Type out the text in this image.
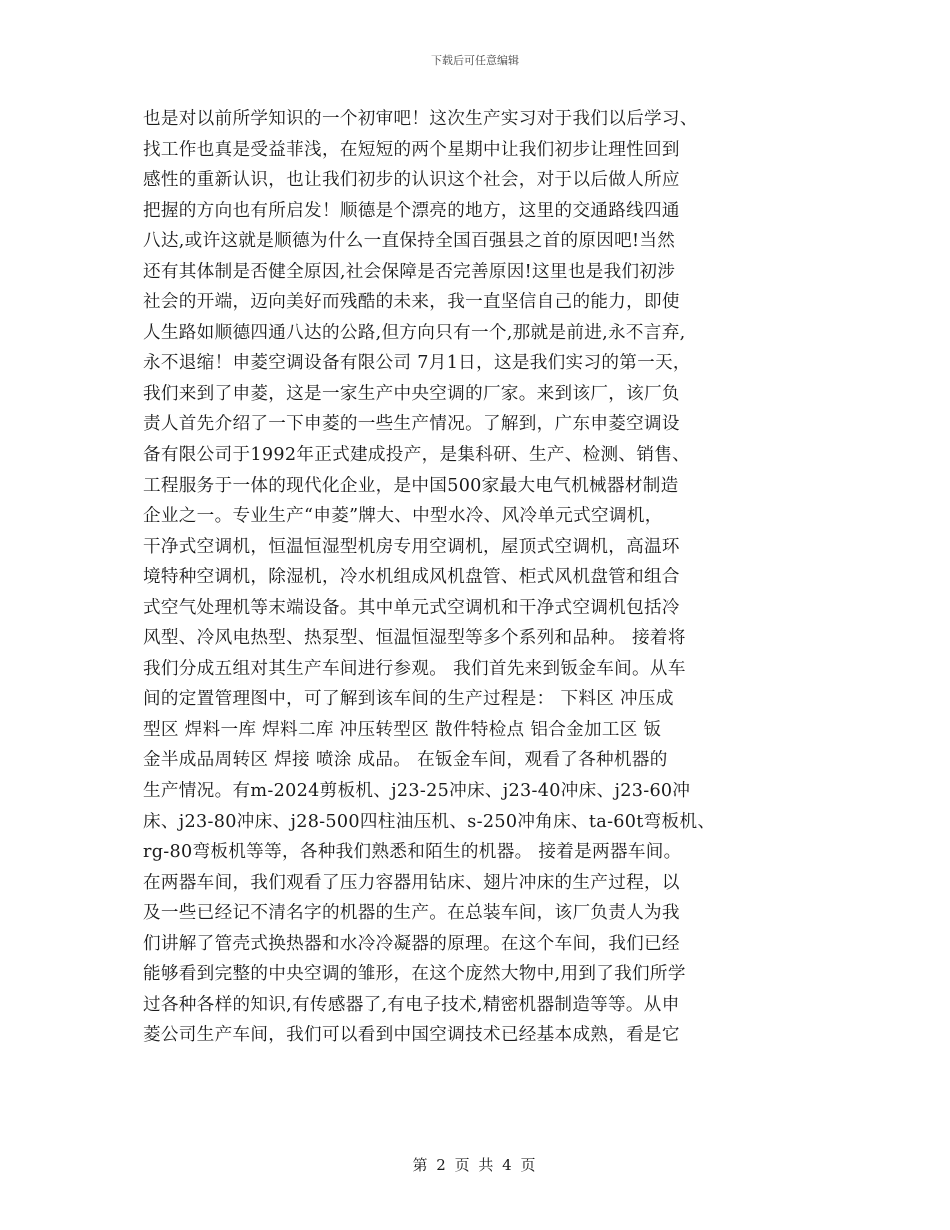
下载后可任意编辑
也是对以前所学知识的一个初审吧！这次生产实习对于我们以后学习、
找工作也真是受益菲浅，在短短的两个星期中让我们初步让理性回到
感性的重新认识，也让我们初步的认识这个社会，对于以后做人所应
把握的方向也有所启发！顺德是个漂亮的地方，这里的交通路线四通
八达,或许这就是顺德为什么一直保持全国百强县之首的原因吧!当然
还有其体制是否健全原因,社会保障是否完善原因!这里也是我们初涉
社会的开端，迈向美好而残酷的未来，我一直坚信自己的能力，即使
人生路如顺德四通八达的公路,但方向只有一个,那就是前进,永不言弃,
永不退缩！申菱空调设备有限公司 7月1日，这是我们实习的第一天，
我们来到了申菱，这是一家生产中央空调的厂家。来到该厂，该厂负
责人首先介绍了一下申菱的一些生产情况。了解到，广东申菱空调设
备有限公司于1992年正式建成投产，是集科研、生产、检测、销售、
工程服务于一体的现代化企业，是中国500家最大电气机械器材制造
企业之一。专业生产“申菱”牌大、中型水冷、风冷单元式空调机，
干净式空调机，恒温恒湿型机房专用空调机，屋顶式空调机，高温环
境特种空调机，除湿机，冷水机组成风机盘管、柜式风机盘管和组合
式空气处理机等末端设备。其中单元式空调机和干净式空调机包括冷
风型、冷风电热型、热泵型、恒温恒湿型等多个系列和品种。 接着将
我们分成五组对其生产车间进行参观。 我们首先来到钣金车间。从车
间的定置管理图中，可了解到该车间的生产过程是： 下料区 冲压成
型区 焊料一库 焊料二库 冲压转型区 散件特检点 铝合金加工区 钣
金半成品周转区 焊接 喷涂 成品。 在钣金车间，观看了各种机器的
生产情况。有m-2024剪板机、j23-25冲床、j23-40冲床、j23-60冲
床、j23-80冲床、j28-500四柱油压机、s-250冲角床、ta-60t弯板机、
rg-80弯板机等等，各种我们熟悉和陌生的机器。 接着是两器车间。
在两器车间，我们观看了压力容器用钻床、翅片冲床的生产过程，以
及一些已经记不清名字的机器的生产。在总装车间，该厂负责人为我
们讲解了管壳式换热器和水冷冷凝器的原理。在这个车间，我们已经
能够看到完整的中央空调的雏形，在这个庞然大物中,用到了我们所学
过各种各样的知识,有传感器了,有电子技术,精密机器制造等等。从申
菱公司生产车间，我们可以看到中国空调技术已经基本成熟，看是它
第 2 页 共 4 页
